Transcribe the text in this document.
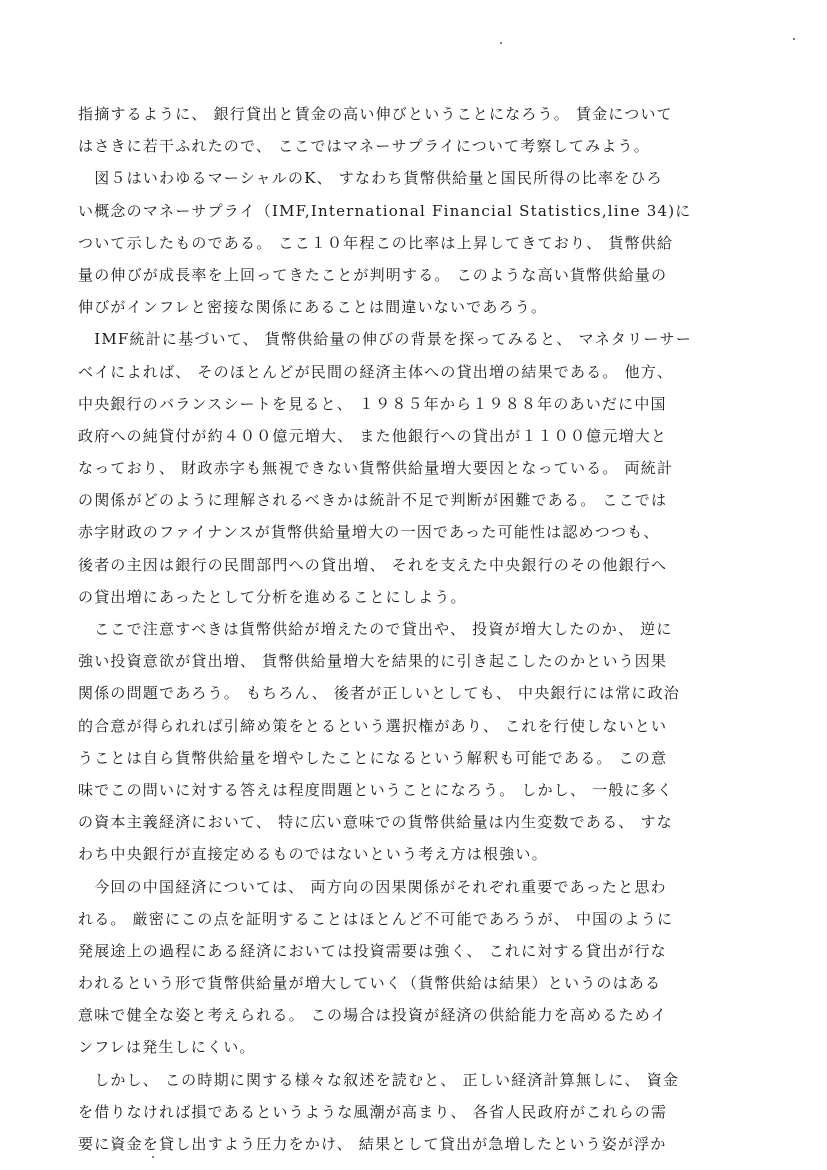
指摘するように、 銀行貸出と賃金の高い伸びということになろう。 賃金について
はさきに若干ふれたので、 ここではマネーサプライについて考察してみよう。
　図５はいわゆるマーシャルのK、 すなわち貨幣供給量と国民所得の比率をひろ
い概念のマネーサプライ（IMF,International Financial Statistics,line 34)に
ついて示したものである。 ここ１０年程この比率は上昇してきており、 貨幣供給
量の伸びが成長率を上回ってきたことが判明する。 このような高い貨幣供給量の
伸びがインフレと密接な関係にあることは間違いないであろう。
　IMF統計に基づいて、 貨幣供給量の伸びの背景を探ってみると、 マネタリーサー
ベイによれば、 そのほとんどが民間の経済主体への貸出増の結果である。 他方、
中央銀行のバランスシートを見ると、 １９８５年から１９８８年のあいだに中国
政府への純貸付が約４００億元増大、 また他銀行への貸出が１１００億元増大と
なっており、 財政赤字も無視できない貨幣供給量増大要因となっている。 両統計
の関係がどのように理解されるべきかは統計不足で判断が困難である。 ここでは
赤字財政のファイナンスが貨幣供給量増大の一因であった可能性は認めつつも、
後者の主因は銀行の民間部門への貸出増、 それを支えた中央銀行のその他銀行へ
の貸出増にあったとして分析を進めることにしよう。
　ここで注意すべきは貨幣供給が増えたので貸出や、 投資が増大したのか、 逆に
強い投資意欲が貸出増、 貨幣供給量増大を結果的に引き起こしたのかという因果
関係の問題であろう。 もちろん、 後者が正しいとしても、 中央銀行には常に政治
的合意が得られれば引締め策をとるという選択権があり、 これを行使しないとい
うことは自ら貨幣供給量を増やしたことになるという解釈も可能である。 この意
味でこの問いに対する答えは程度問題ということになろう。 しかし、 一般に多く
の資本主義経済において、 特に広い意味での貨幣供給量は内生変数である、 すな
わち中央銀行が直接定めるものではないという考え方は根強い。
　今回の中国経済については、 両方向の因果関係がそれぞれ重要であったと思わ
れる。 厳密にこの点を証明することはほとんど不可能であろうが、 中国のように
発展途上の過程にある経済においては投資需要は強く、 これに対する貸出が行な
われるという形で貨幣供給量が増大していく（貨幣供給は結果）というのはある
意味で健全な姿と考えられる。 この場合は投資が経済の供給能力を高めるためイ
ンフレは発生しにくい。
　しかし、 この時期に関する様々な叙述を読むと、 正しい経済計算無しに、 資金
を借りなければ損であるというような風潮が高まり、 各省人民政府がこれらの需
要に資金を貸し出すよう圧力をかけ、 結果として貸出が急増したという姿が浮か
